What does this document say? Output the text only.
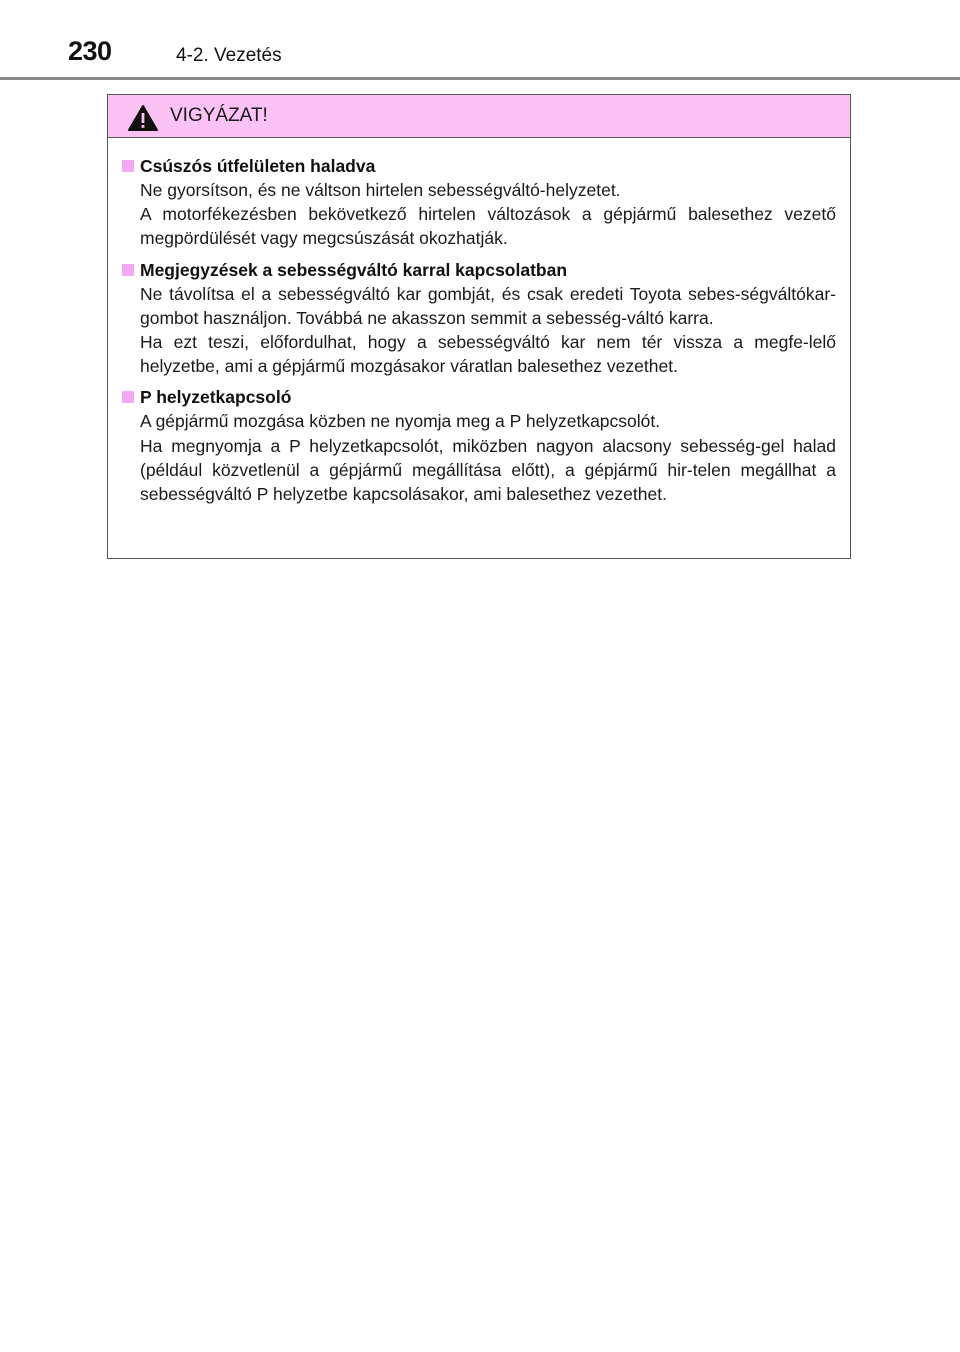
230	4-2. Vezetés
VIGYÁZAT!
Csúszós útfelületen haladva

Ne gyorsítson, és ne váltson hirtelen sebességváltó-helyzetet.

A motorfékezésben bekövetkező hirtelen változások a gépjármű balesethez vezető megpördülését vagy megcsúszását okozhatják.

Megjegyzések a sebességváltó karral kapcsolatban

Ne távolítsa el a sebességváltó kar gombját, és csak eredeti Toyota sebes-ségváltókar-gombot használjon. Továbbá ne akasszon semmit a sebesség-váltó karra.

Ha ezt teszi, előfordulhat, hogy a sebességváltó kar nem tér vissza a megfe-lelő helyzetbe, ami a gépjármű mozgásakor váratlan balesethez vezethet.

P helyzetkapcsoló

A gépjármű mozgása közben ne nyomja meg a P helyzetkapcsolót.

Ha megnyomja a P helyzetkapcsolót, miközben nagyon alacsony sebesség-gel halad (például közvetlenül a gépjármű megállítása előtt), a gépjármű hir-telen megállhat a sebességváltó P helyzetbe kapcsolásakor, ami balesethez vezethet.
